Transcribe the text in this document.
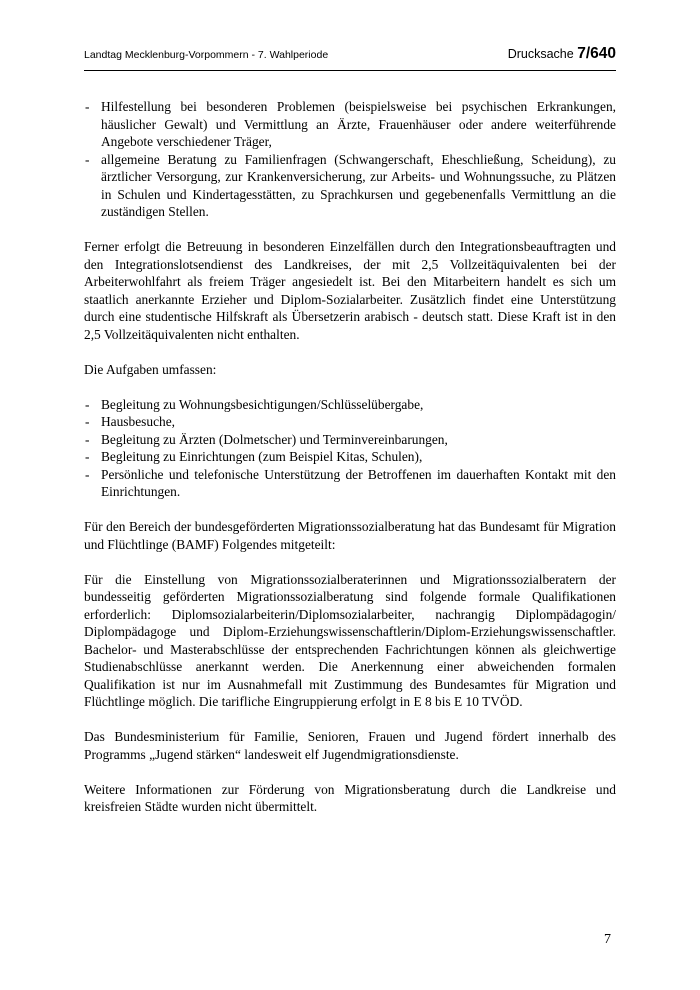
Landtag Mecklenburg-Vorpommern - 7. Wahlperiode	Drucksache 7/640
- Hilfestellung bei besonderen Problemen (beispielsweise bei psychischen Erkrankungen, häuslicher Gewalt) und Vermittlung an Ärzte, Frauenhäuser oder andere weiterführende Angebote verschiedener Träger,
- allgemeine Beratung zu Familienfragen (Schwangerschaft, Eheschließung, Scheidung), zu ärztlicher Versorgung, zur Krankenversicherung, zur Arbeits- und Wohnungssuche, zu Plätzen in Schulen und Kindertagesstätten, zu Sprachkursen und gegebenenfalls Vermittlung an die zuständigen Stellen.

Ferner erfolgt die Betreuung in besonderen Einzelfällen durch den Integrationsbeauftragten und den Integrationslotsendienst des Landkreises, der mit 2,5 Vollzeitäquivalenten bei der Arbeiterwohlfahrt als freiem Träger angesiedelt ist. Bei den Mitarbeitern handelt es sich um staatlich anerkannte Erzieher und Diplom-Sozialarbeiter. Zusätzlich findet eine Unterstützung durch eine studentische Hilfskraft als Übersetzerin arabisch - deutsch statt. Diese Kraft ist in den 2,5 Vollzeitäquivalenten nicht enthalten.

Die Aufgaben umfassen:

- Begleitung zu Wohnungsbesichtigungen/Schlüsselübergabe,
- Hausbesuche,
- Begleitung zu Ärzten (Dolmetscher) und Terminvereinbarungen,
- Begleitung zu Einrichtungen (zum Beispiel Kitas, Schulen),
- Persönliche und telefonische Unterstützung der Betroffenen im dauerhaften Kontakt mit den Einrichtungen.

Für den Bereich der bundesgeförderten Migrationssozialberatung hat das Bundesamt für Migration und Flüchtlinge (BAMF) Folgendes mitgeteilt:

Für die Einstellung von Migrationssozialberaterinnen und Migrationssozialberatern der bundesseitig geförderten Migrationssozialberatung sind folgende formale Qualifikationen erforderlich: Diplomsozialarbeiterin/Diplomsozialarbeiter, nachrangig Diplompädagogin/ Diplompädagoge und Diplom-Erziehungswissenschaftlerin/Diplom-Erziehungswissenschaftler. Bachelor- und Masterabschlüsse der entsprechenden Fachrichtungen können als gleichwertige Studienabschlüsse anerkannt werden. Die Anerkennung einer abweichenden formalen Qualifikation ist nur im Ausnahmefall mit Zustimmung des Bundesamtes für Migration und Flüchtlinge möglich. Die tarifliche Eingruppierung erfolgt in E 8 bis E 10 TVÖD.

Das Bundesministerium für Familie, Senioren, Frauen und Jugend fördert innerhalb des Programms „Jugend stärken“ landesweit elf Jugendmigrationsdienste.

Weitere Informationen zur Förderung von Migrationsberatung durch die Landkreise und kreisfreien Städte wurden nicht übermittelt.

7
